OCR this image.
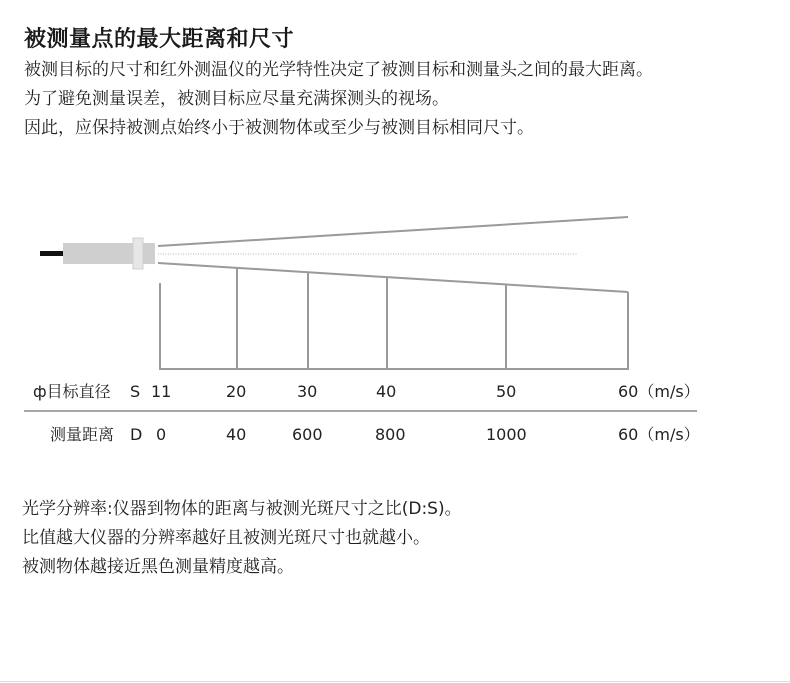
被测量点的最大距离和尺寸
被测目标的尺寸和红外测温仪的光学特性决定了被测目标和测量头之间的最大距离。
为了避免测量误差，被测目标应尽量充满探测头的视场。
因此，应保持被测点始终小于被测物体或至少与被测目标相同尺寸。
ф目标直径 S 11	20	30	40	50	60（m/s）
测量距离 D 0	40	600	800	1000	60（m/s）
光学分辨率:仪器到物体的距离与被测光斑尺寸之比(D:S)。
比值越大仪器的分辨率越好且被测光斑尺寸也就越小。
被测物体越接近黑色测量精度越高。
